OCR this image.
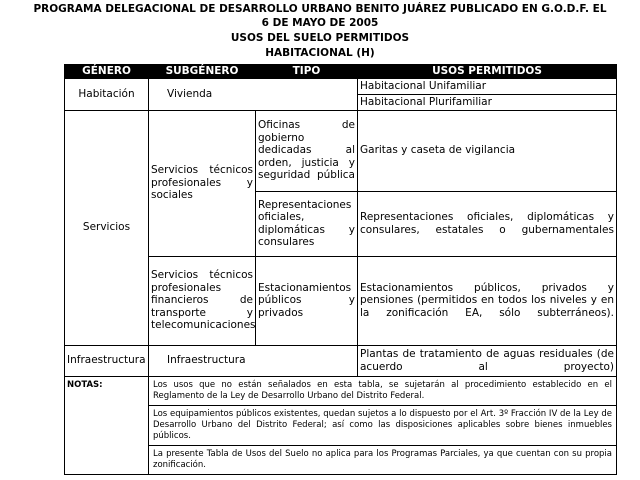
PROGRAMA DELEGACIONAL DE DESARROLLO URBANO BENITO JUÁREZ PUBLICADO EN G.O.D.F. EL
6 DE MAYO DE 2005
USOS DEL SUELO PERMITIDOS
HABITACIONAL (H)
GÉNERO	SUBGÉNERO	TIPO	USOS PERMITIDOS
Habitación	Vivienda		Habitacional Unifamiliar
			Habitacional Plurifamiliar
Servicios	Servicios técnicos profesionales y sociales	Oficinas de gobierno dedicadas al orden, justicia y seguridad pública	Garitas y caseta de vigilancia
		Representaciones oficiales, diplomáticas y consulares	Representaciones oficiales, diplomáticas y consulares, estatales o gubernamentales
	Servicios técnicos profesionales financieros de transporte y telecomunicaciones	Estacionamientos públicos y privados	Estacionamientos públicos, privados y pensiones (permitidos en todos los niveles y en la zonificación EA, sólo subterráneos).
Infraestructura	Infraestructura		Plantas de tratamiento de aguas residuales (de acuerdo al proyecto)
NOTAS:	Los usos que no están señalados en esta tabla, se sujetarán al procedimiento establecido en el Reglamento de la Ley de Desarrollo Urbano del Distrito Federal.		
	Los equipamientos públicos existentes, quedan sujetos a lo dispuesto por el Art. 3º Fracción IV de la Ley de Desarrollo Urbano del Distrito Federal; así como las disposiciones aplicables sobre bienes inmuebles públicos.		
	La presente Tabla de Usos del Suelo no aplica para los Programas Parciales, ya que cuentan con su propia zonificación.		
